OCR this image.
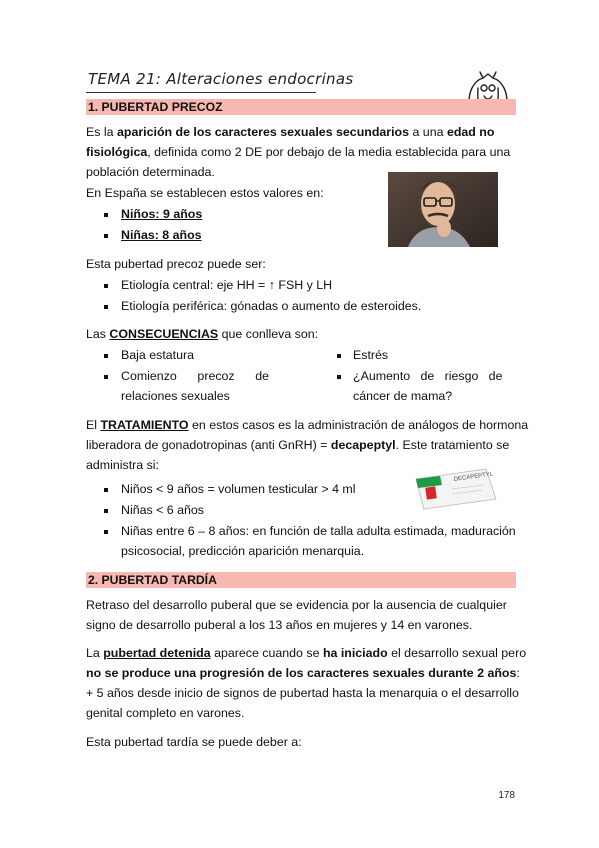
TEMA 21: Alteraciones endocrinas
1. PUBERTAD PRECOZ
Es la aparición de los caracteres sexuales secundarios a una edad no
fisiológica, definida como 2 DE por debajo de la media establecida para una
población determinada.
En España se establecen estos valores en:
Niños: 9 años
Niñas: 8 años
Esta pubertad precoz puede ser:
Etiología central: eje HH = ↑ FSH y LH
Etiología periférica: gónadas o aumento de esteroides.
Las CONSECUENCIAS que conlleva son:
Baja estatura
Comienzo      precoz      de
relaciones sexuales
Estrés
¿Aumento   de   riesgo   de
cáncer de mama?
El TRATAMIENTO en estos casos es la administración de análogos de hormona
liberadora de gonadotropinas (anti GnRH) = decapeptyl. Este tratamiento se
administra si:
DECAPEPTYL
Niños < 9 años = volumen testicular > 4 ml
Niñas < 6 años
Niñas entre 6 – 8 años: en función de talla adulta estimada, maduración
psicosocial, predicción aparición menarquia.
2. PUBERTAD TARDÍA
Retraso del desarrollo puberal que se evidencia por la ausencia de cualquier
signo de desarrollo puberal a los 13 años en mujeres y 14 en varones.
La pubertad detenida aparece cuando se ha iniciado el desarrollo sexual pero
no se produce una progresión de los caracteres sexuales durante 2 años:
+ 5 años desde inicio de signos de pubertad hasta la menarquia o el desarrollo
genital completo en varones.
Esta pubertad tardía se puede deber a:
178
